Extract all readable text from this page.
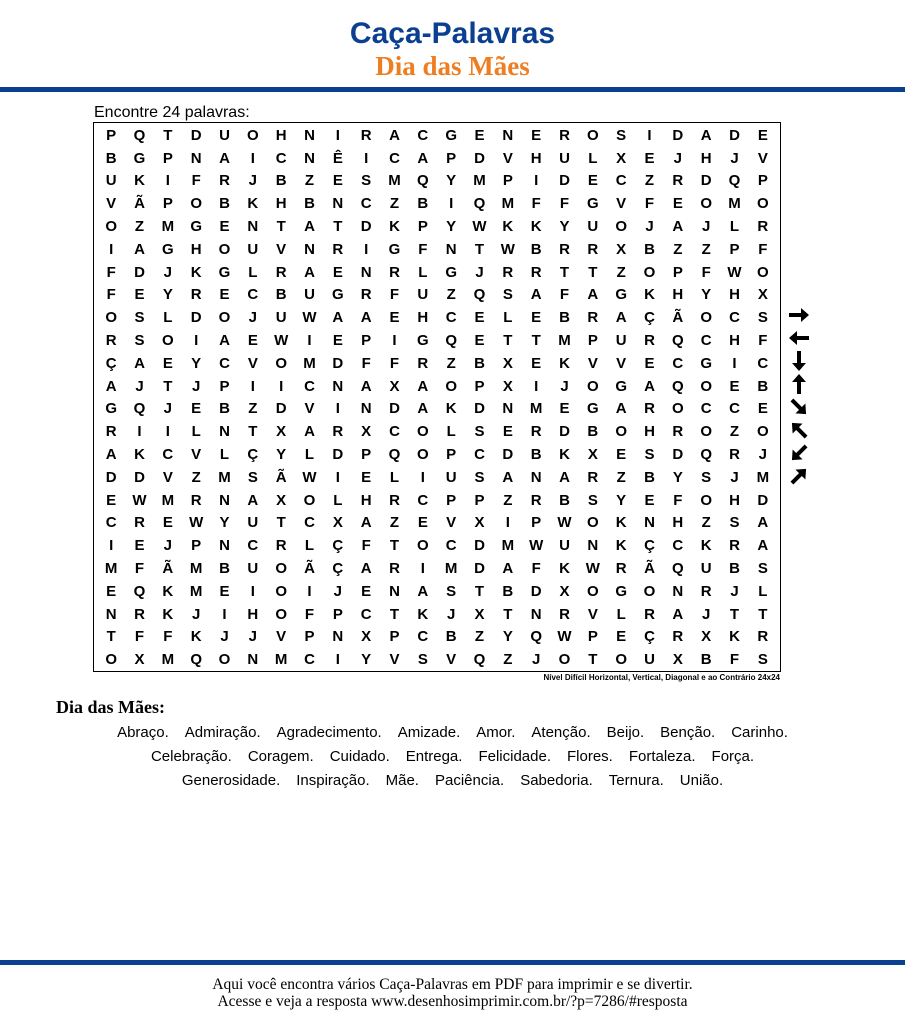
Caça-Palavras
Dia das Mães
Encontre 24 palavras:
P	Q	T	D	U	O	H	N	I	R	A	C	G	E	N	E	R	O	S	I	D	A	D	E
B	G	P	N	A	I	C	N	Ê	I	C	A	P	D	V	H	U	L	X	E	J	H	J	V
U	K	I	F	R	J	B	Z	E	S	M	Q	Y	M	P	I	D	E	C	Z	R	D	Q	P
V	Ã	P	O	B	K	H	B	N	C	Z	B	I	Q	M	F	F	G	V	F	E	O	M	O
O	Z	M	G	E	N	T	A	T	D	K	P	Y	W	K	K	Y	U	O	J	A	J	L	R
I	A	G	H	O	U	V	N	R	I	G	F	N	T	W	B	R	R	X	B	Z	Z	P	F
F	D	J	K	G	L	R	A	E	N	R	L	G	J	R	R	T	T	Z	O	P	F	W	O
F	E	Y	R	E	C	B	U	G	R	F	U	Z	Q	S	A	F	A	G	K	H	Y	H	X
O	S	L	D	O	J	U	W	A	A	E	H	C	E	L	E	B	R	A	Ç	Ã	O	C	S
R	S	O	I	A	E	W	I	E	P	I	G	Q	E	T	T	M	P	U	R	Q	C	H	F
Ç	A	E	Y	C	V	O	M	D	F	F	R	Z	B	X	E	K	V	V	E	C	G	I	C
A	J	T	J	P	I	I	C	N	A	X	A	O	P	X	I	J	O	G	A	Q	O	E	B
G	Q	J	E	B	Z	D	V	I	N	D	A	K	D	N	M	E	G	A	R	O	C	C	E
R	I	I	L	N	T	X	A	R	X	C	O	L	S	E	R	D	B	O	H	R	O	Z	O
A	K	C	V	L	Ç	Y	L	D	P	Q	O	P	C	D	B	K	X	E	S	D	Q	R	J
D	D	V	Z	M	S	Ã	W	I	E	L	I	U	S	A	N	A	R	Z	B	Y	S	J	M
E	W	M	R	N	A	X	O	L	H	R	C	P	P	Z	R	B	S	Y	E	F	O	H	D
C	R	E	W	Y	U	T	C	X	A	Z	E	V	X	I	P	W	O	K	N	H	Z	S	A
I	E	J	P	N	C	R	L	Ç	F	T	O	C	D	M	W	U	N	K	Ç	C	K	R	A
M	F	Ã	M	B	U	O	Ã	Ç	A	R	I	M	D	A	F	K	W	R	Ã	Q	U	B	S
E	Q	K	M	E	I	O	I	J	E	N	A	S	T	B	D	X	O	G	O	N	R	J	L
N	R	K	J	I	H	O	F	P	C	T	K	J	X	T	N	R	V	L	R	A	J	T	T
T	F	F	K	J	J	V	P	N	X	P	C	B	Z	Y	Q	W	P	E	Ç	R	X	K	R
O	X	M	Q	O	N	M	C	I	Y	V	S	V	Q	Z	J	O	T	O	U	X	B	F	S
Nível Difícil Horizontal, Vertical, Diagonal e ao Contrário 24x24
Dia das Mães:
Abraço. Admiração. Agradecimento. Amizade. Amor. Atenção. Beijo. Benção. Carinho.
Celebração. Coragem. Cuidado. Entrega. Felicidade. Flores. Fortaleza. Força.
Generosidade. Inspiração. Mãe. Paciência. Sabedoria. Ternura. União.
Aqui você encontra vários Caça-Palavras em PDF para imprimir e se divertir.
Acesse e veja a resposta www.desenhosimprimir.com.br/?p=7286/#resposta
